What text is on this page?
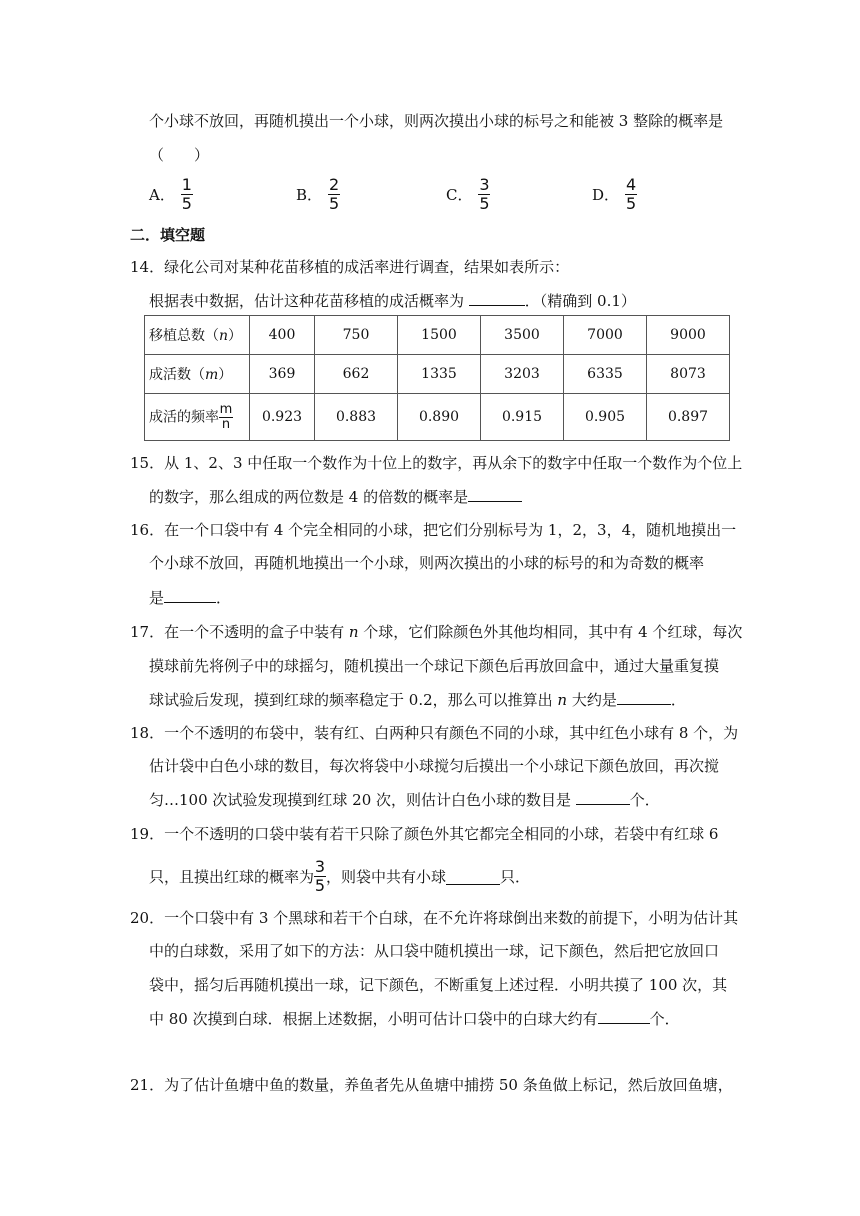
个小球不放回，再随机摸出一个小球，则两次摸出小球的标号之和能被 3 整除的概率是
（　　）
A． $\frac{1}{5}$	B． $\frac{2}{5}$	C． $\frac{3}{5}$	D． $\frac{4}{5}$
二．填空题
14．绿化公司对某种花苗移植的成活率进行调查，结果如表所示：
根据表中数据，估计这种花苗移植的成活概率为	．（精确到 0.1）
移植总数（n）	400	750	1500	3500	7000	9000
成活数（m）	369	662	1335	3203	6335	8073
成活的频率 $\frac{m}{n}$	0.923	0.883	0.890	0.915	0.905	0.897
15．从 1、2、3 中任取一个数作为十位上的数字，再从余下的数字中任取一个数作为个位上
的数字，那么组成的两位数是 4 的倍数的概率是
16．在一个口袋中有 4 个完全相同的小球，把它们分别标号为 1，2，3，4，随机地摸出一
个小球不放回，再随机地摸出一个小球，则两次摸出的小球的标号的和为奇数的概率
是	．
17．在一个不透明的盒子中装有 n 个球，它们除颜色外其他均相同，其中有 4 个红球，每次
摸球前先将例子中的球摇匀，随机摸出一个球记下颜色后再放回盒中，通过大量重复摸
球试验后发现，摸到红球的频率稳定于 0.2，那么可以推算出 n 大约是	．
18．一个不透明的布袋中，装有红、白两种只有颜色不同的小球，其中红色小球有 8 个，为
估计袋中白色小球的数目，每次将袋中小球搅匀后摸出一个小球记下颜色放回，再次搅
匀…100 次试验发现摸到红球 20 次，则估计白色小球的数目是	个．
19．一个不透明的口袋中装有若干只除了颜色外其它都完全相同的小球，若袋中有红球 6
只，且摸出红球的概率为 $\frac{3}{5}$ ，则袋中共有小球	只．
20．一个口袋中有 3 个黑球和若干个白球，在不允许将球倒出来数的前提下，小明为估计其
中的白球数，采用了如下的方法：从口袋中随机摸出一球，记下颜色，然后把它放回口
袋中，摇匀后再随机摸出一球，记下颜色，不断重复上述过程．小明共摸了 100 次，其
中 80 次摸到白球．根据上述数据，小明可估计口袋中的白球大约有	个．
21．为了估计鱼塘中鱼的数量，养鱼者先从鱼塘中捕捞 50 条鱼做上标记，然后放回鱼塘，
